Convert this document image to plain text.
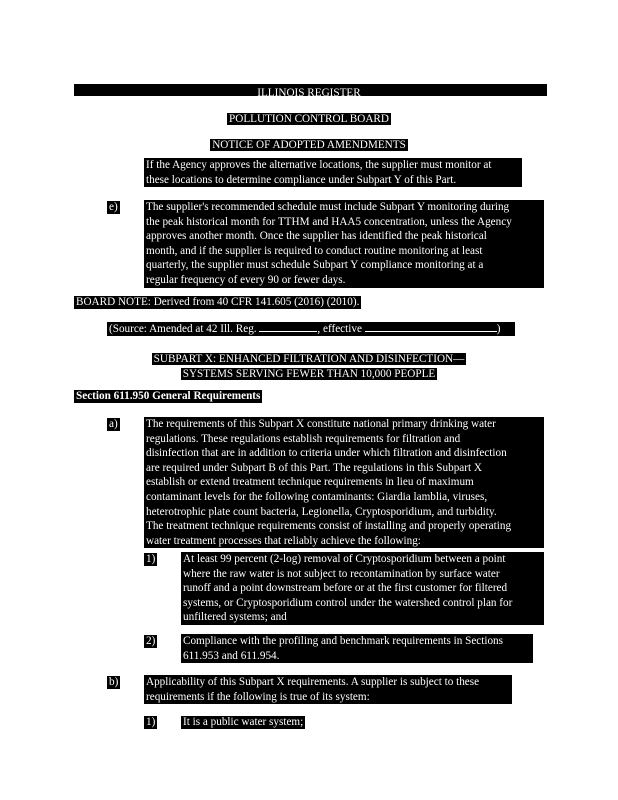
ILLINOIS REGISTER
POLLUTION CONTROL BOARD
NOTICE OF ADOPTED AMENDMENTS

If the Agency approves the alternative locations, the supplier must monitor at

these locations to determine compliance under Subpart Y of this Part.

e)	The supplier's recommended schedule must include Subpart Y monitoring during

the peak historical month for TTHM and HAA5 concentration, unless the Agency

approves another month. Once the supplier has identified the peak historical

month, and if the supplier is required to conduct routine monitoring at least

quarterly, the supplier must schedule Subpart Y compliance monitoring at a

regular frequency of every 90 or fewer days.

BOARD NOTE: Derived from 40 CFR 141.605 (2016) (2010).
(Source: Amended at 42 Ill. Reg.	, effective	)
SUBPART X: ENHANCED FILTRATION AND DISINFECTION—
SYSTEMS SERVING FEWER THAN 10,000 PEOPLE
Section 611.950 General Requirements
a)	The requirements of this Subpart X constitute national primary drinking water

regulations. These regulations establish requirements for filtration and

disinfection that are in addition to criteria under which filtration and disinfection

are required under Subpart B of this Part. The regulations in this Subpart X

establish or extend treatment technique requirements in lieu of maximum

contaminant levels for the following contaminants: Giardia lamblia, viruses,

heterotrophic plate count bacteria, Legionella, Cryptosporidium, and turbidity.

The treatment technique requirements consist of installing and properly operating

water treatment processes that reliably achieve the following:

1) At least 99 percent (2-log) removal of Cryptosporidium between a point

where the raw water is not subject to recontamination by surface water

runoff and a point downstream before or at the first customer for filtered

systems, or Cryptosporidium control under the watershed control plan for

unfiltered systems; and

2) Compliance with the profiling and benchmark requirements in Sections

611.953 and 611.954.

b) Applicability of this Subpart X requirements. A supplier is subject to these

requirements if the following is true of its system:

1) It is a public water system;
